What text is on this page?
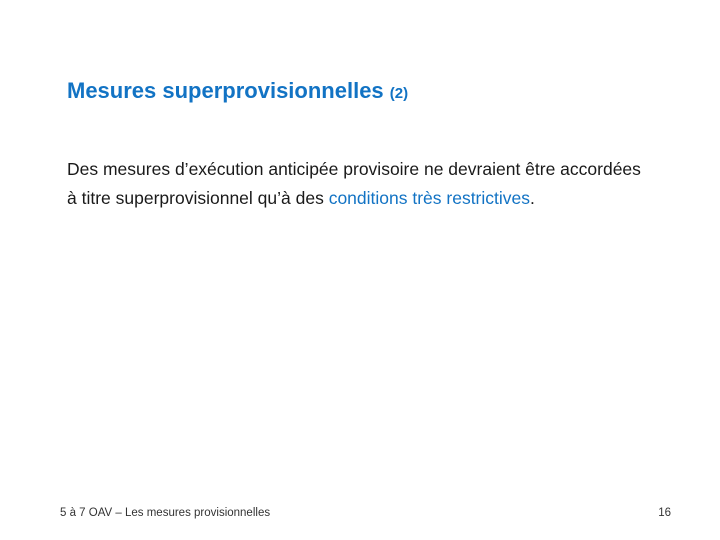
Mesures superprovisionnelles (2)

Des mesures d’exécution anticipée provisoire ne devraient être accordées à titre superprovisionnel qu’à des conditions très restrictives.

5 à 7 OAV – Les mesures provisionnelles	16
